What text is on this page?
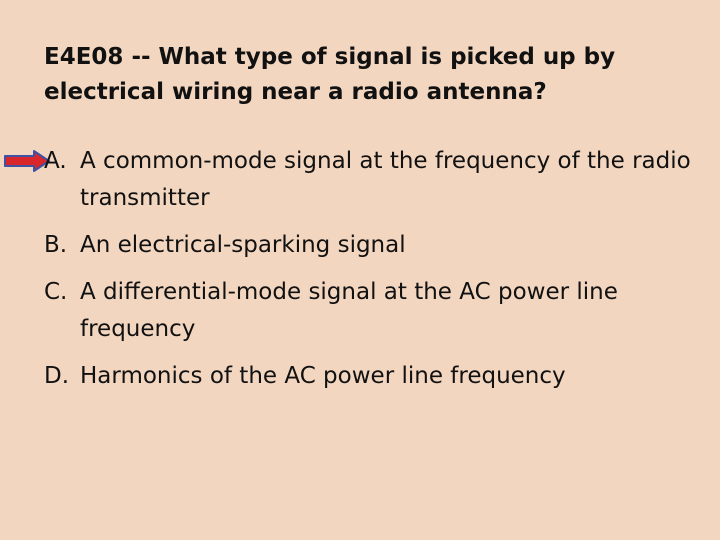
E4E08 -- What type of signal is picked up by electrical wiring near a radio antenna?
A. A common-mode signal at the frequency of the radio transmitter
B. An electrical-sparking signal
C. A differential-mode signal at the AC power line frequency
D. Harmonics of the AC power line frequency
